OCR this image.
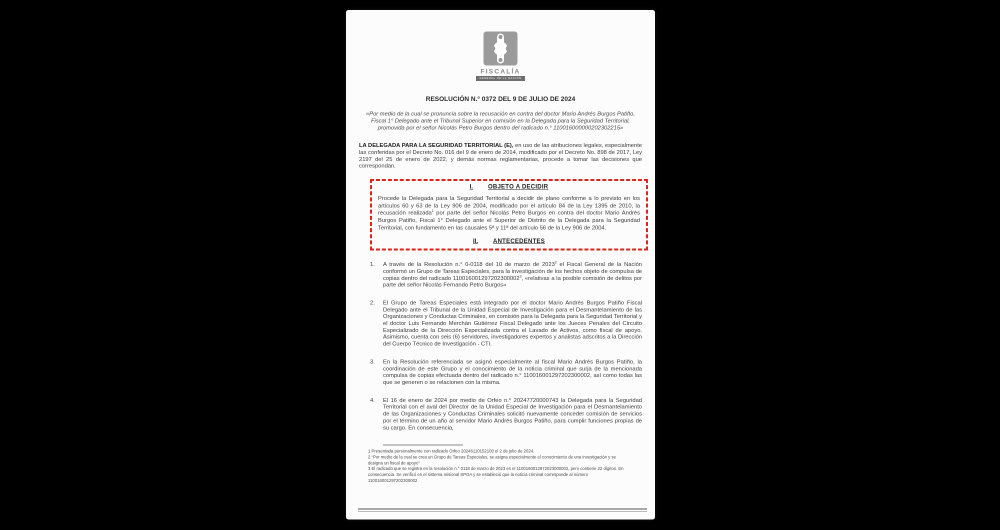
FISCALÍA
GENERAL DE LA NACIÓN
RESOLUCIÓN N.° 0372 DEL 9 DE JULIO DE 2024
«Por medio de la cual se pronuncia sobre la recusación en contra del doctor Mario Andrés Burgos Patiño, Fiscal 1° Delegado ante el Tribunal Superior en comisión en la Delegada para la Seguridad Territorial, promovida por el señor Nicolás Petro Burgos dentro del radicado n.° 110016000000202302215»

LA DELEGADA PARA LA SEGURIDAD TERRITORIAL (E), en uso de las atribuciones legales, especialmente las conferidas por el Decreto No. 016 del 9 de enero de 2014, modificado por el Decreto No. 898 de 2017, Ley 2197 del 25 de enero de 2022, y demás normas reglamentarias, procede a tomar las decisiones que correspondan.

I. OBJETO A DECIDIR

Procede la Delegada para la Seguridad Territorial a decidir de plano conforme a lo previsto en los artículos 60 y 63 de la Ley 906 de 2004, modificado por el artículo 84 de la Ley 1395 de 2010, la recusación realizada$^1$ por parte del señor Nicolás Petro Burgos en contra del doctor Mario Andrés Burgos Patiño, Fiscal 1° Delegado ante el Superior de Distrito de la Delegada para la Seguridad Territorial, con fundamento en las causales 5ª y 11ª del artículo 56 de la Ley 906 de 2004.

II. ANTECEDENTES
1. A través de la Resolución n.° 0-0118 del 10 de marzo de 2023$^2$ el Fiscal General de la Nación conformó un Grupo de Tareas Especiales, para la investigación de los hechos objeto de compulsa de copias dentro del radicado 110016001297202300002$^3$, «relativas a la posible comisión de delitos por parte del señor Nicolás Fernando Petro Burgos»
2. El Grupo de Tareas Especiales está integrado por el doctor Mario Andrés Burgos Patiño Fiscal Delegado ante el Tribunal de la Unidad Especial de Investigación para el Desmantelamiento de las Organizaciones y Conductas Criminales, en comisión para la Delegada para la Seguridad Territorial y el doctor Luis Fernando Merchán Gutiérrez Fiscal Delegado ante los Jueces Penales del Circuito Especializado de la Dirección Especializada contra el Lavado de Activos, como fiscal de apoyo. Asimismo, cuenta con seis (6) servidores, investigadores expertos y analistas adscritos a la Dirección del Cuerpo Técnico de Investigación - CTI.
3. En la Resolución referenciada se asignó especialmente al fiscal Mario Andrés Burgos Patiño, la coordinación de este Grupo y el conocimiento de la noticia criminal que surja de la mencionada compulsa de copias efectuada dentro del radicado n.° 110016001297202300002, así como todas las que se generen o se relacionen con la misma.
4. El 16 de enero de 2024 por medio de Orfeo n.° 20247720000743 la Delegada para la Seguridad Territorial con el aval del Director de la Unidad Especial de Investigación para el Desmantelamiento de las Organizaciones y Conductas Criminales solicitó nuevamente conceder comisión de servicios por el término de un año al servidor Mario Andrés Burgos Patiño, para cumplir funciones propias de su cargo. En consecuencia,

1 Presentada personalmente con radicado Orfeo 20246110152100 el 2 de julio de 2024.

2 “Por medio de la cual se crea un Grupo de Tareas Especiales, se asigna especialmente el conocimiento de una investigación y se designa un fiscal de apoyo”

3 El radicado que se registra en la resolución n.° 0118 de marzo de 2023 es el 1100160012972023000002, pero contiene 22 dígitos. En consecuencia. Se verificó en el sistema misional SPOA y se estableció que la noticia criminal corresponde al número 110016001297202300002
